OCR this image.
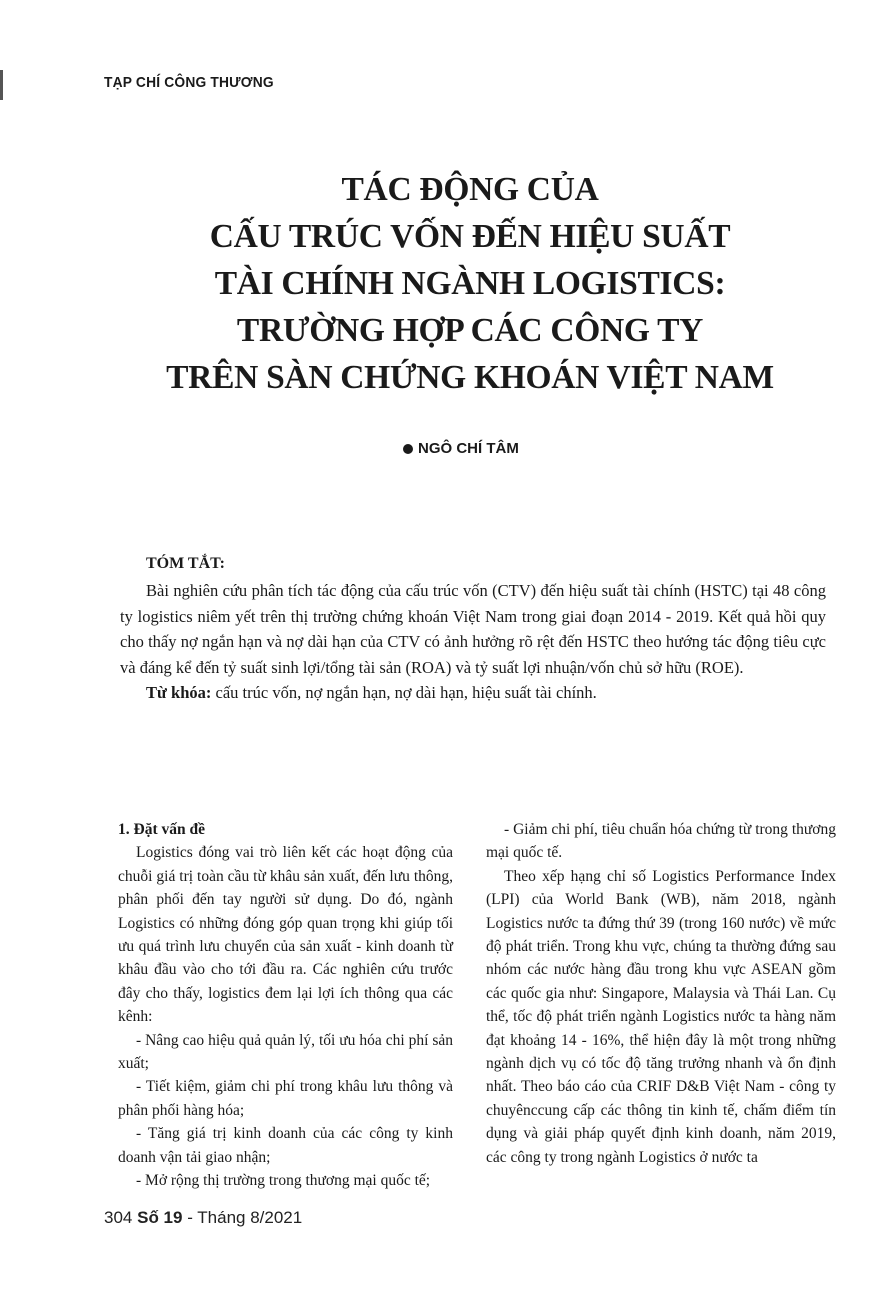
TẠP CHÍ CÔNG THƯƠNG
TÁC ĐỘNG CỦA
CẤU TRÚC VỐN ĐẾN HIỆU SUẤT
TÀI CHÍNH NGÀNH LOGISTICS:
TRƯỜNG HỢP CÁC CÔNG TY
TRÊN SÀN CHỨNG KHOÁN VIỆT NAM
NGÔ CHÍ TÂM
TÓM TẮT:

Bài nghiên cứu phân tích tác động của cấu trúc vốn (CTV) đến hiệu suất tài chính (HSTC) tại 48 công ty logistics niêm yết trên thị trường chứng khoán Việt Nam trong giai đoạn 2014 - 2019. Kết quả hồi quy cho thấy nợ ngắn hạn và nợ dài hạn của CTV có ảnh hưởng rõ rệt đến HSTC theo hướng tác động tiêu cực và đáng kể đến tỷ suất sinh lợi/tổng tài sản (ROA) và tỷ suất lợi nhuận/vốn chủ sở hữu (ROE).

Từ khóa: cấu trúc vốn, nợ ngắn hạn, nợ dài hạn, hiệu suất tài chính.

1. Đặt vấn đề

Logistics đóng vai trò liên kết các hoạt động của chuỗi giá trị toàn cầu từ khâu sản xuất, đến lưu thông, phân phối đến tay người sử dụng. Do đó, ngành Logistics có những đóng góp quan trọng khi giúp tối ưu quá trình lưu chuyển của sản xuất - kinh doanh từ khâu đầu vào cho tới đầu ra. Các nghiên cứu trước đây cho thấy, logistics đem lại lợi ích thông qua các kênh:

- Nâng cao hiệu quả quản lý, tối ưu hóa chi phí sản xuất;

- Tiết kiệm, giảm chi phí trong khâu lưu thông và phân phối hàng hóa;

- Tăng giá trị kinh doanh của các công ty kinh doanh vận tải giao nhận;

- Mở rộng thị trường trong thương mại quốc tế;

- Giảm chi phí, tiêu chuẩn hóa chứng từ trong thương mại quốc tế.

Theo xếp hạng chỉ số Logistics Performance Index (LPI) của World Bank (WB), năm 2018, ngành Logistics nước ta đứng thứ 39 (trong 160 nước) về mức độ phát triển. Trong khu vực, chúng ta thường đứng sau nhóm các nước hàng đầu trong khu vực ASEAN gồm các quốc gia như: Singapore, Malaysia và Thái Lan. Cụ thể, tốc độ phát triển ngành Logistics nước ta hàng năm đạt khoảng 14 - 16%, thể hiện đây là một trong những ngành dịch vụ có tốc độ tăng trưởng nhanh và ổn định nhất. Theo báo cáo của CRIF D&B Việt Nam - công ty chuyênccung cấp các thông tin kinh tế, chấm điểm tín dụng và giải pháp quyết định kinh doanh, năm 2019, các công ty trong ngành Logistics ở nước ta

304 Số 19 - Tháng 8/2021
